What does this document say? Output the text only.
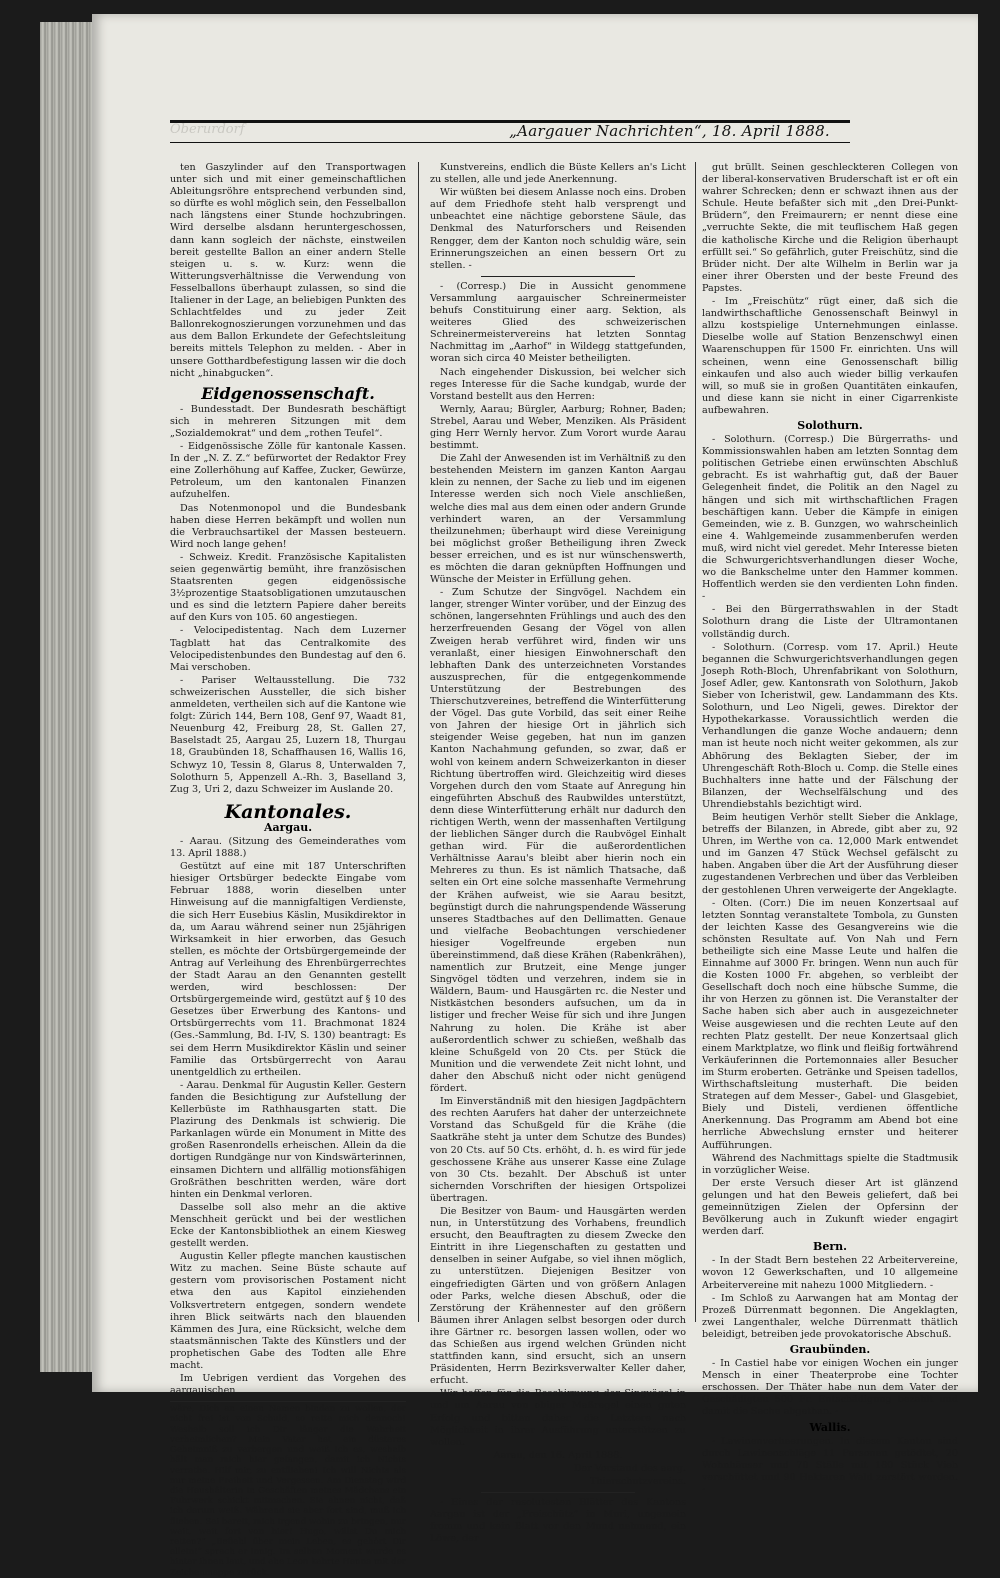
Oberurdorf	„Aargauer Nachrichten“, 18. April 1888.

ten Gaszylinder auf den Transportwagen unter sich und mit einer gemeinschaftlichen Ableitungsröhre entsprechend verbunden sind, so dürfte es wohl möglich sein, den Fesselballon nach längstens einer Stunde hochzubringen. Wird derselbe alsdann heruntergeschossen, dann kann sogleich der nächste, einstweilen bereit gestellte Ballon an einer andern Stelle steigen u. s. w. Kurz: wenn die Witterungsverhältnisse die Verwendung von Fesselballons überhaupt zulassen, so sind die Italiener in der Lage, an beliebigen Punkten des Schlachtfeldes und zu jeder Zeit Ballonrekognoszierungen vorzunehmen und das aus dem Ballon Erkundete der Gefechtsleitung bereits mittels Telephon zu melden. - Aber in unsere Gotthardbefestigung lassen wir die doch nicht „hinabgucken“.

Eidgenossenschaft.

- Bundesstadt. Der Bundesrath beschäftigt sich in mehreren Sitzungen mit dem „Sozialdemokrat“ und dem „rothen Teufel“.

- Eidgenössische Zölle für kantonale Kassen. In der „N. Z. Z.“ befürwortet der Redaktor Frey eine Zollerhöhung auf Kaffee, Zucker, Gewürze, Petroleum, um den kantonalen Finanzen aufzuhelfen.

Das Notenmonopol und die Bundesbank haben diese Herren bekämpft und wollen nun die Verbrauchsartikel der Massen besteuern. Wird noch lange gehen!

- Schweiz. Kredit. Französische Kapitalisten seien gegenwärtig bemüht, ihre französischen Staatsrenten gegen eidgenössische 3½prozentige Staatsobligationen umzutauschen und es sind die letztern Papiere daher bereits auf den Kurs von 105. 60 angestiegen.

- Velocipedistentag. Nach dem Luzerner Tagblatt hat das Centralkomite des Velocipedistenbundes den Bundestag auf den 6. Mai verschoben.

- Pariser Weltausstellung. Die 732 schweizerischen Aussteller, die sich bisher anmeldeten, vertheilen sich auf die Kantone wie folgt: Zürich 144, Bern 108, Genf 97, Waadt 81, Neuenburg 42, Freiburg 28, St. Gallen 27, Baselstadt 25, Aargau 25, Luzern 18, Thurgau 18, Graubünden 18, Schaffhausen 16, Wallis 16, Schwyz 10, Tessin 8, Glarus 8, Unterwalden 7, Solothurn 5, Appenzell A.-Rh. 3, Baselland 3, Zug 3, Uri 2, dazu Schweizer im Auslande 20.

Kantonales.
Aargau.

- Aarau. (Sitzung des Gemeinderathes vom 13. April 1888.)

Gestützt auf eine mit 187 Unterschriften hiesiger Ortsbürger bedeckte Eingabe vom Februar 1888, worin dieselben unter Hinweisung auf die mannigfaltigen Verdienste, die sich Herr Eusebius Käslin, Musikdirektor in da, um Aarau während seiner nun 25jährigen Wirksamkeit in hier erworben, das Gesuch stellen, es möchte der Ortsbürgergemeinde der Antrag auf Verleihung des Ehrenbürgerrechtes der Stadt Aarau an den Genannten gestellt werden, wird beschlossen: Der Ortsbürgergemeinde wird, gestützt auf § 10 des Gesetzes über Erwerbung des Kantons- und Ortsbürgerrechts vom 11. Brachmonat 1824 (Ges.-Sammlung, Bd. I-IV, S. 130) beantragt: Es sei dem Herrn Musikdirektor Käslin und seiner Familie das Ortsbürgerrecht von Aarau unentgeldlich zu ertheilen.

- Aarau. Denkmal für Augustin Keller. Gestern fanden die Besichtigung zur Aufstellung der Kellerbüste im Rathhausgarten statt. Die Plazirung des Denkmals ist schwierig. Die Parkanlagen würde ein Monument in Mitte des großen Rasenrondells erheischen. Allein da die dortigen Rundgänge nur von Kindswärterinnen, einsamen Dichtern und allfällig motionsfähigen Großräthen beschritten werden, wäre dort hinten ein Denkmal verloren.

Dasselbe soll also mehr an die aktive Menschheit gerückt und bei der westlichen Ecke der Kantonsbibliothek an einem Kiesweg gestellt werden.

Augustin Keller pflegte manchen kaustischen Witz zu machen. Seine Büste schaute auf gestern vom provisorischen Postament nicht etwa den aus Kapitol einziehenden Volksvertretern entgegen, sondern wendete ihren Blick seitwärts nach den blauenden Kämmen des Jura, eine Rücksicht, welche dem staatsmännischen Takte des Künstlers und der prophetischen Gabe des Todten alle Ehre macht.

Im Uebrigen verdient das Vorgehen des aargauischen

wäre, Dich an einen Namen binden zu wollen, der nicht frei ist von Schuld, so rette mich dennoch! Weshalb soll ich Dir länger die Wahrheit verheimlichen? Mein Vater hat ein düsteres Geheimniß zu verbergen und weiß ich es, weshalb hält man mich hier gefangen, damit ich Nichts verrathe. Hilf mir, zu entfliehen! Ich will Nichts als nur meine Freiheit und Vergessen. Am Dienstag wird die Haushälterin in Geschäften meines Mädchens ein Fuhrwerk schickt mitmachen. Sie ahnen nicht, daß ich darum weiß. Während sie aber fort sind, muß ich fliehen. Sei bereit, mich irgend wohin zu bringen, nur weit, weit fort von hier! Hugo, willst Du mich retten?“ „Befiehl über mein Leben, es gehört Dir allein!“ sprach er innig. Im selben Moment wurde es hinter ihnen laut, und ehe Leon kehrte Hanna mit der Zeichenmappe zurück.

Kunstvereins, endlich die Büste Kellers an's Licht zu stellen, alle und jede Anerkennung.

Wir wüßten bei diesem Anlasse noch eins. Droben auf dem Friedhofe steht halb versprengt und unbeachtet eine nächtige geborstene Säule, das Denkmal des Naturforschers und Reisenden Rengger, dem der Kanton noch schuldig wäre, sein Erinnerungszeichen an einen bessern Ort zu stellen. -

- (Corresp.) Die in Aussicht genommene Versammlung aargauischer Schreinermeister behufs Constituirung einer aarg. Sektion, als weiteres Glied des schweizerischen Schreinermeistervereins hat letzten Sonntag Nachmittag im „Aarhof“ in Wildegg stattgefunden, woran sich circa 40 Meister betheiligten.

Nach eingehender Diskussion, bei welcher sich reges Interesse für die Sache kundgab, wurde der Vorstand bestellt aus den Herren:

Wernly, Aarau; Bürgler, Aarburg; Rohner, Baden; Strebel, Aarau und Weber, Menziken. Als Präsident ging Herr Wernly hervor. Zum Vorort wurde Aarau bestimmt.

Die Zahl der Anwesenden ist im Verhältniß zu den bestehenden Meistern im ganzen Kanton Aargau klein zu nennen, der Sache zu lieb und im eigenen Interesse werden sich noch Viele anschließen, welche dies mal aus dem einen oder andern Grunde verhindert waren, an der Versammlung theilzunehmen; überhaupt wird diese Vereinigung bei möglichst großer Betheiligung ihren Zweck besser erreichen, und es ist nur wünschenswerth, es möchten die daran geknüpften Hoffnungen und Wünsche der Meister in Erfüllung gehen.

- Zum Schutze der Singvögel. Nachdem ein langer, strenger Winter vorüber, und der Einzug des schönen, langersehnten Frühlings und auch des den herzerfreuenden Gesang der Vögel von allen Zweigen herab verführet wird, finden wir uns veranlaßt, einer hiesigen Einwohnerschaft den lebhaften Dank des unterzeichneten Vorstandes auszusprechen, für die entgegenkommende Unterstützung der Bestrebungen des Thierschutzvereines, betreffend die Winterfütterung der Vögel. Das gute Vorbild, das seit einer Reihe von Jahren der hiesige Ort in jährlich sich steigender Weise gegeben, hat nun im ganzen Kanton Nachahmung gefunden, so zwar, daß er wohl von keinem andern Schweizerkanton in dieser Richtung übertroffen wird. Gleichzeitig wird dieses Vorgehen durch den vom Staate auf Anregung hin eingeführten Abschuß des Raubwildes unterstützt, denn diese Winterfütterung erhält nur dadurch den richtigen Werth, wenn der massenhaften Vertilgung der lieblichen Sänger durch die Raubvögel Einhalt gethan wird. Für die außerordentlichen Verhältnisse Aarau's bleibt aber hierin noch ein Mehreres zu thun. Es ist nämlich Thatsache, daß selten ein Ort eine solche massenhafte Vermehrung der Krähen aufweist, wie sie Aarau besitzt, begünstigt durch die nahrungspendende Wässerung unseres Stadtbaches auf den Dellimatten. Genaue und vielfache Beobachtungen verschiedener hiesiger Vogelfreunde ergeben nun übereinstimmend, daß diese Krähen (Rabenkrähen), namentlich zur Brutzeit, eine Menge junger Singvögel tödten und verzehren, indem sie in Wäldern, Baum- und Hausgärten rc. die Nester und Nistkästchen besonders aufsuchen, um da in listiger und frecher Weise für sich und ihre Jungen Nahrung zu holen. Die Krähe ist aber außerordentlich schwer zu schießen, weßhalb das kleine Schußgeld von 20 Cts. per Stück die Munition und die verwendete Zeit nicht lohnt, und daher den Abschuß nicht oder nicht genügend fördert.

Im Einverständniß mit den hiesigen Jagdpächtern des rechten Aarufers hat daher der unterzeichnete Vorstand das Schußgeld für die Krähe (die Saatkrähe steht ja unter dem Schutze des Bundes) von 20 Cts. auf 50 Cts. erhöht, d. h. es wird für jede geschossene Krähe aus unserer Kasse eine Zulage von 30 Cts. bezahlt. Der Abschuß ist unter sichernden Vorschriften der hiesigen Ortspolizei übertragen.

Die Besitzer von Baum- und Hausgärten werden nun, in Unterstützung des Vorhabens, freundlich ersucht, den Beauftragten zu diesem Zwecke den Eintritt in ihre Liegenschaften zu gestatten und denselben in seiner Aufgabe, so viel ihnen möglich, zu unterstützen. Diejenigen Besitzer von eingefriedigten Gärten und von größern Anlagen oder Parks, welche diesen Abschuß, oder die Zerstörung der Krähennester auf den größern Bäumen ihrer Anlagen selbst besorgen oder durch ihre Gärtner rc. besorgen lassen wollen, oder wo das Schießen aus irgend welchen Gründen nicht stattfinden kann, sind ersucht, sich an unsern Präsidenten, Herrn Bezirksverwalter Keller daher, erfucht.

Wir hoffen für die Beschirmung der Singvögel in und um Aarau von obiger Maßregel einen guten Erfolg und bitten daher, die Letztere nach Möglichkeit in ihrer Ausführung unterstützen zu wollen.

Aarau, den 16. April 1888.

Der Vorstand des aarg.

Thierschutzvereins.

- Eines der resolutesten Blätter des Kantons Aargau ist der „Freischütz“ in Muri, ungemein fromm und kein Blatt vor den Mund nehmend, ein Löwe, der

gut brüllt. Seinen geschleckteren Collegen von der liberal-konservativen Bruderschaft ist er oft ein wahrer Schrecken; denn er schwazt ihnen aus der Schule. Heute befaßter sich mit „den Drei-Punkt-Brüdern“, den Freimaurern; er nennt diese eine „verruchte Sekte, die mit teuflischem Haß gegen die katholische Kirche und die Religion überhaupt erfüllt sei.“ So gefährlich, guter Freischütz, sind die Brüder nicht. Der alte Wilhelm in Berlin war ja einer ihrer Obersten und der beste Freund des Papstes.

- Im „Freischütz“ rügt einer, daß sich die landwirthschaftliche Genossenschaft Beinwyl in allzu kostspielige Unternehmungen einlasse. Dieselbe wolle auf Station Benzenschwyl einen Waarenschuppen für 1500 Fr. einrichten. Uns will scheinen, wenn eine Genossenschaft billig einkaufen und also auch wieder billig verkaufen will, so muß sie in großen Quantitäten einkaufen, und diese kann sie nicht in einer Cigarrenkiste aufbewahren.

Solothurn.

- Solothurn. (Corresp.) Die Bürgerraths- und Kommissionswahlen haben am letzten Sonntag dem politischen Getriebe einen erwünschten Abschluß gebracht. Es ist wahrhaftig gut, daß der Bauer Gelegenheit findet, die Politik an den Nagel zu hängen und sich mit wirthschaftlichen Fragen beschäftigen kann. Ueber die Kämpfe in einigen Gemeinden, wie z. B. Gunzgen, wo wahrscheinlich eine 4. Wahlgemeinde zusammenberufen werden muß, wird nicht viel geredet. Mehr Interesse bieten die Schwurgerichtsverhandlungen dieser Woche, wo die Bankschelme unter den Hammer kommen. Hoffentlich werden sie den verdienten Lohn finden. -

- Bei den Bürgerrathswahlen in der Stadt Solothurn drang die Liste der Ultramontanen vollständig durch.

- Solothurn. (Corresp. vom 17. April.) Heute begannen die Schwurgerichtsverhandlungen gegen Joseph Roth-Bloch, Uhrenfabrikant von Solothurn, Josef Adler, gew. Kantonsrath von Solothurn, Jakob Sieber von Icheristwil, gew. Landammann des Kts. Solothurn, und Leo Nigeli, gewes. Direktor der Hypothekarkasse. Voraussichtlich werden die Verhandlungen die ganze Woche andauern; denn man ist heute noch nicht weiter gekommen, als zur Abhörung des Beklagten Sieber, der im Uhrengeschäft Roth-Bloch u. Comp. die Stelle eines Buchhalters inne hatte und der Fälschung der Bilanzen, der Wechselfälschung und des Uhrendiebstahls bezichtigt wird.

Beim heutigen Verhör stellt Sieber die Anklage, betreffs der Bilanzen, in Abrede, gibt aber zu, 92 Uhren, im Werthe von ca. 12,000 Mark entwendet und im Ganzen 47 Stück Wechsel gefälscht zu haben. Angaben über die Art der Ausführung dieser zugestandenen Verbrechen und über das Verbleiben der gestohlenen Uhren verweigerte der Angeklagte.

- Olten. (Corr.) Die im neuen Konzertsaal auf letzten Sonntag veranstaltete Tombola, zu Gunsten der leichten Kasse des Gesangvereins wie die schönsten Resultate auf. Von Nah und Fern betheiligte sich eine Masse Leute und halfen die Einnahme auf 3000 Fr. bringen. Wenn nun auch für die Kosten 1000 Fr. abgehen, so verbleibt der Gesellschaft doch noch eine hübsche Summe, die ihr von Herzen zu gönnen ist. Die Veranstalter der Sache haben sich aber auch in ausgezeichneter Weise ausgewiesen und die rechten Leute auf den rechten Platz gestellt. Der neue Konzertsaal glich einem Marktplatze, wo flink und fleißig fortwährend Verkäuferinnen die Portemonnaies aller Besucher im Sturm eroberten. Getränke und Speisen tadellos, Wirthschaftsleitung musterhaft. Die beiden Strategen auf dem Messer-, Gabel- und Glasgebiet, Biely und Disteli, verdienen öffentliche Anerkennung. Das Programm am Abend bot eine herrliche Abwechslung ernster und heiterer Aufführungen.

Während des Nachmittags spielte die Stadtmusik in vorzüglicher Weise.

Der erste Versuch dieser Art ist glänzend gelungen und hat den Beweis geliefert, daß bei gemeinnützigen Zielen der Opfersinn der Bevölkerung auch in Zukunft wieder engagirt werden darf.

Bern.

- In der Stadt Bern bestehen 22 Arbeitervereine, wovon 12 Gewerkschaften, und 10 allgemeine Arbeitervereine mit nahezu 1000 Mitgliedern. -

- Im Schloß zu Aarwangen hat am Montag der Prozeß Dürrenmatt begonnen. Die Angeklagten, zwei Langenthaler, welche Dürrenmatt thätlich beleidigt, betreiben jede provokatorische Abschuß.

Graubünden.

- In Castiel habe vor einigen Wochen ein junger Mensch in einer Theaterprobe eine Tochter erschossen. Der Thäter habe nun dem Vater der Geschädigten 500 Fr. Entschädigung bezahlt und damit die Sache abgethan. -

Wallis.

- Lawinenverheerungen. In diesem Kanton sind durch Lawinenschläge 11 Personen getödtet, 20 Wohnhäuser und 70 Ställe mit 180 Stück Vieh verschüttet und 90 Hektaren Wald zerstört worden. -
